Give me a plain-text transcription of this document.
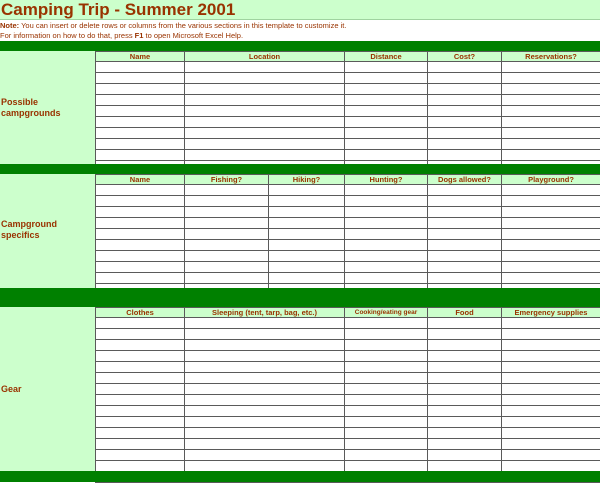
Camping Trip - Summer 2001
Note: You can insert or delete rows or columns from the various sections in this template to customize it.
For information on how to do that, press F1 to open Microsoft Excel Help.
Possible
campgrounds
Name	Location	Distance	Cost?	Reservations?

Campground
specifics
Name	Fishing?	Hiking?	Hunting?	Dogs allowed?	Playground?

Gear
Clothes	Sleeping (tent, tarp, bag, etc.)	Cooking/eating gear	Food	Emergency supplies
